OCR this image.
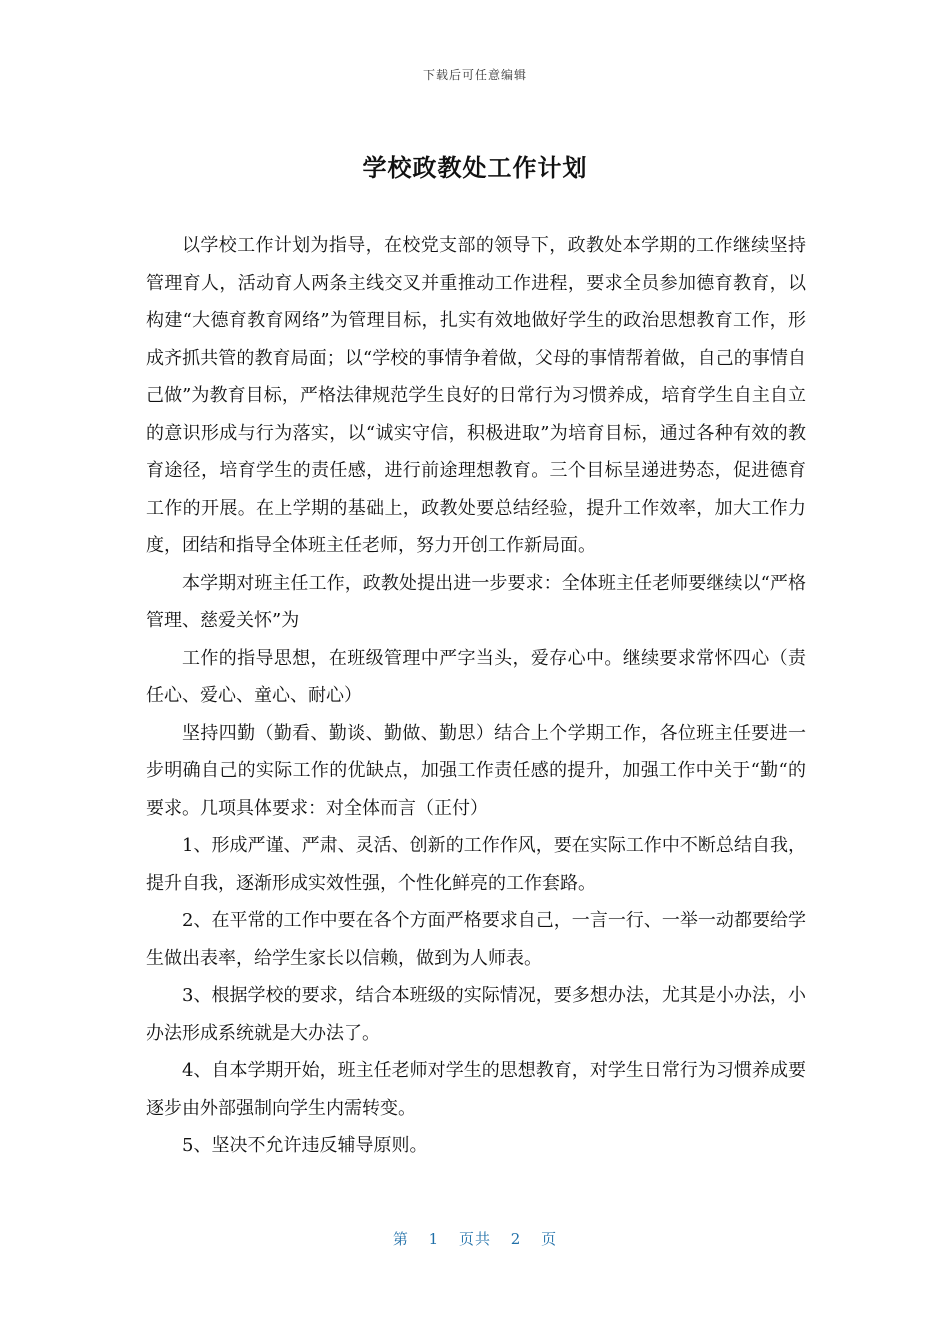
下载后可任意编辑
学校政教处工作计划

以学校工作计划为指导，在校党支部的领导下，政教处本学期的工作继续坚持管理育人，活动育人两条主线交叉并重推动工作进程，要求全员参加德育教育，以构建“大德育教育网络”为管理目标，扎实有效地做好学生的政治思想教育工作，形成齐抓共管的教育局面；以“学校的事情争着做，父母的事情帮着做，自己的事情自己做”为教育目标，严格法律规范学生良好的日常行为习惯养成，培育学生自主自立的意识形成与行为落实，以“诚实守信，积极进取”为培育目标，通过各种有效的教育途径，培育学生的责任感，进行前途理想教育。三个目标呈递进势态，促进德育工作的开展。在上学期的基础上，政教处要总结经验，提升工作效率，加大工作力度，团结和指导全体班主任老师，努力开创工作新局面。

本学期对班主任工作，政教处提出进一步要求：全体班主任老师要继续以“严格管理、慈爱关怀”为

工作的指导思想，在班级管理中严字当头，爱存心中。继续要求常怀四心（责任心、爱心、童心、耐心）

坚持四勤（勤看、勤谈、勤做、勤思）结合上个学期工作，各位班主任要进一步明确自己的实际工作的优缺点，加强工作责任感的提升，加强工作中关于“勤“的要求。几项具体要求：对全体而言（正付）

1、形成严谨、严肃、灵活、创新的工作作风，要在实际工作中不断总结自我，提升自我，逐渐形成实效性强，个性化鲜亮的工作套路。

2、在平常的工作中要在各个方面严格要求自己，一言一行、一举一动都要给学生做出表率，给学生家长以信赖，做到为人师表。

3、根据学校的要求，结合本班级的实际情况，要多想办法，尤其是小办法，小办法形成系统就是大办法了。

4、自本学期开始，班主任老师对学生的思想教育，对学生日常行为习惯养成要逐步由外部强制向学生内需转变。

5、坚决不允许违反辅导原则。

第 1 页共 2 页
